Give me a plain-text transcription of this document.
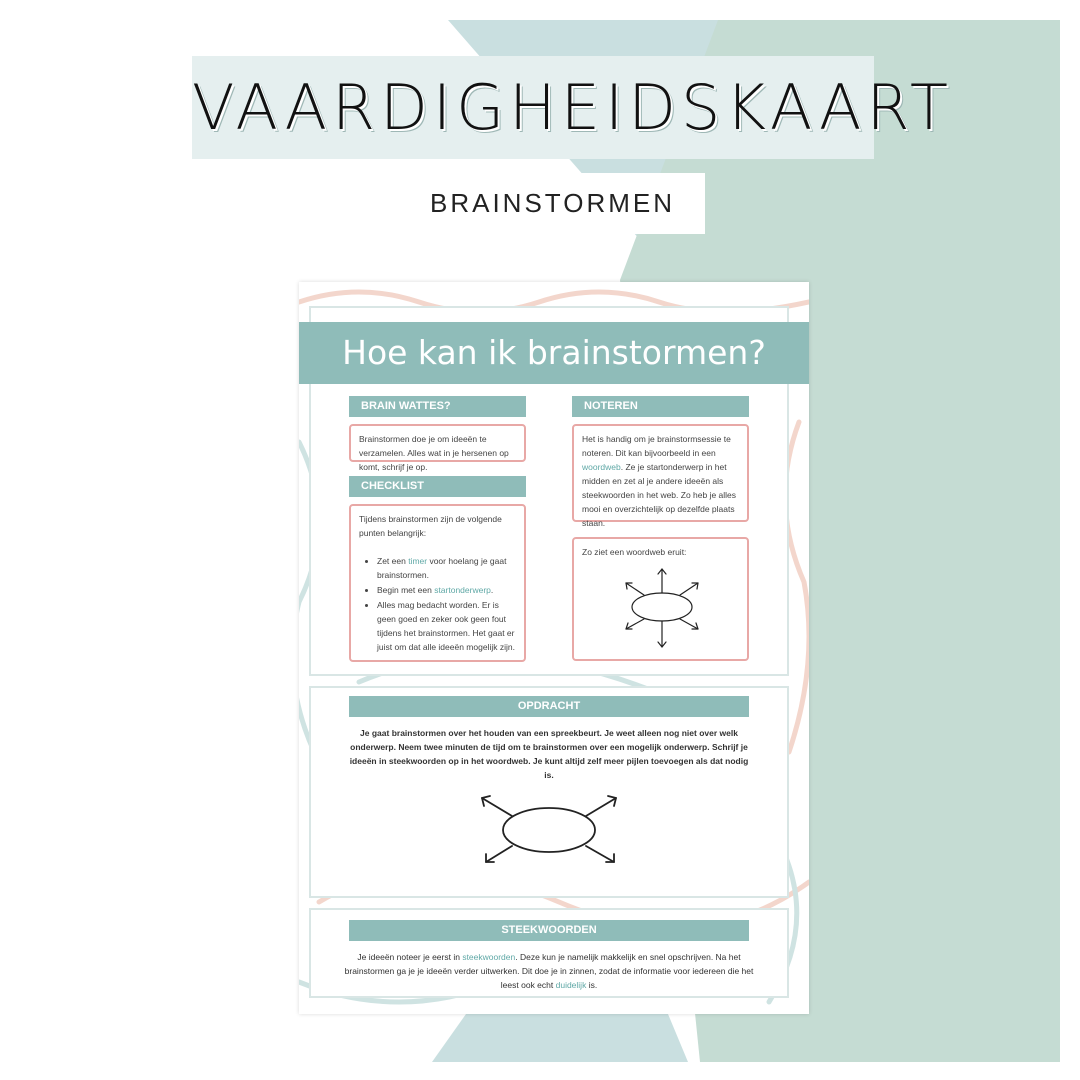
VAARDIGHEIDSKAART
BRAINSTORMEN
Hoe kan ik brainstormen?
BRAIN WATTES?
Brainstormen doe je om ideeën te verzamelen. Alles wat in je hersenen op komt, schrijf je op.
CHECKLIST
Tijdens brainstormen zijn de volgende punten belangrijk:
• Zet een timer voor hoelang je gaat brainstormen.
• Begin met een startonderwerp.
• Alles mag bedacht worden. Er is geen goed en zeker ook geen fout tijdens het brainstormen. Het gaat er juist om dat alle ideeën mogelijk zijn.
NOTEREN
Het is handig om je brainstormsessie te noteren. Dit kan bijvoorbeeld in een woordweb. Ze je startonderwerp in het midden en zet al je andere ideeën als steekwoorden in het web. Zo heb je alles mooi en overzichtelijk op dezelfde plaats staan.
Zo ziet een woordweb eruit:
OPDRACHT
Je gaat brainstormen over het houden van een spreekbeurt. Je weet alleen nog niet over welk onderwerp. Neem twee minuten de tijd om te brainstormen over een mogelijk onderwerp. Schrijf je ideeën in steekwoorden op in het woordweb. Je kunt altijd zelf meer pijlen toevoegen als dat nodig is.
STEEKWOORDEN
Je ideeën noteer je eerst in steekwoorden. Deze kun je namelijk makkelijk en snel opschrijven. Na het brainstormen ga je je ideeën verder uitwerken. Dit doe je in zinnen, zodat de informatie voor iedereen die het leest ook echt duidelijk is.
